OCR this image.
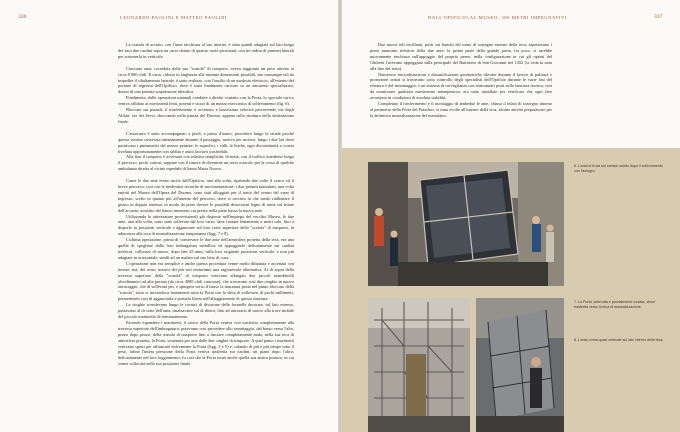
336	LEONARDO PAOLINI E MATTEO PAOLINI

La scatola di acciaio, con l'urna racchiusa al suo interno, è stata quindi adagiata sul lato lungo dei suoi due cardini sopra un carro dotato di quattro ruote pivottanti, con tre ordini di puntoni laterali per sostenerla in verticale.

Ciascuna urna, corredata della sua "scatola" di trasporto, aveva raggiunto un peso attorno ai circa 8 000 chili. Il carro, ridotto in larghezza alle minime dimensioni possibili, ma comunque tali da impedire il ribaltamento laterale, è stato realizzo, con l'ausilio di un modesto elettricio, all'esterno del portone di ingresso dell'Opificio, dove è stato finalmente caricato su un autotreno specializzato, dotato di una potente sospensione idraulica.

Finalmente, dalle operazioni manuali condotte a diretto contatto con la Porta, lo speciale carico veniva affidato ai movimenti lenti, potenti e sicuri di un mezzo meccanico di sollevamento (fig. 6).

Bloccato sui pianali, il trasferimento è avvenuto a bassissima velocità percorrendo via degli Alfani, via dei Servi, sboccando nella piazza del Duomo, appena sulla struttura della destinazione finale.

L'autocarro è stato accompagnato a piedi, a passo d'uomo, procedere lungo la strada perché questa venisse osservata attentamente durante il passaggio, motivo per motivo, lungo i due lati dove passavano i pneumatici del mezzo pesante: le superfici, i valli, le buche, ogni discontinuità o scarsa livellata opportunamente con sabbia e assiti lasciavi trasferibili.

Alla fine il trasporto è avvenuto con relativa semplicità, di notte, con il traffico interdetto lungo il percorso, pochi curiosi, seppure con il timore di divenirne un serio ostacolo per la corsa di qualche ambulanza diretta al vicino ospedale di Santa Maria Nuova.

Come le due ante erano uscite dall'Opificio, una alla volta, ripetendo due volte il carico ed il breve percorso, così con le medesime tecniche di movimentazione, i due pesanti manufatti, una volta entrati nel Museo dell'Opera del Duomo, sono stati alloggiati per il tratto del centro del vano di ingresso, scelto in quanto più all'interno del percorso, dove si cercava in che modo riallineare il giusto in doppio sistema, in modo da poter dovere le possibili distorsioni legno di rame sul fronte dell'arcuato; assistito dal fianco immenso cui presto nella parte bassa la nuova ante.

Utilizzando le attrezzature provvisionali già disposte nell'impiego del vecchio Museo, le due ante, una alla volta, sono state sollevate dal loro carro, fatte ruotare lentamente a metri sale, fino a disporle in posizioni verticale e agganciare sul loro corto superiore della "scatola" di trasporto, in adiacenza alla teca di musealizzazione temporanea (figg. 7 e 8).

L'ultima operazione, prima di conservare le due ante nell'atmosfera protetta della teca, era una quella di spogliare dalla loro imbragatura metallica ed appoggiarle delicatamente sui cardini inferiori, collocare di nuovo, dopo ben 25 anni, sulla loro originale posizione verticale, e non più adagiate in orizzontale, simili ad un malato sul suo letto di cura.

L'operazione non era semplice e anche questa procedura venne molto dibattuta e accettata con timore; ma, del resto, notarsi dei più seri tentavamo una ragionevole alternativa. Al di sopra della traversa superiore della "scatola" di trasporto venivano allungati due piccoli mandrinelli oleodinamici ad alta portata (da circa 4000 chili ciascuno), che trovavano così due cinghie in nuovo ancoraggio, che di sollevato per, e spingere verso il basso la muratura posta nel punto bloccato della "scatola", tutto si inscatolava lentamente tutta la Porta con la slitta di sollevarsi di pochi millimetri, permettendo così di agganciarla e portarla libera nell'alloggiamento di questa struttura.

Le cinghie scendevano lungo le cornici di divisione delle formelle decorate, sul lato esterno, passavano al di sotto dell'anta, rinalzavano sul di dietro, fino ad ancorarsi di nuovo alla trave mobile del piccolo martinetto di tensionamento.

Facendo espandere i martinetti, il carico della Porta veniva così trasferito completamente alla traversa superiore dell'imbragatura; potevamo così procedere allo smontaggio, dal basso verso l'alto, pezzo dopo pezzo, della scatola di trasporto fino a lasciare completamente nuda, nella sua teca di atmosfera protetta, la Porta, sostenuta per aria dalle due cinghie di trasporto. A quel punto i martinetti venivano spinti per affiancare dolcemente la Porta (figg. 3 e 5) e, calando di più e più tempo tutto il peso, infine l'intera pressione della Porta veniva trasferita sui cardini, un piano dopo l'altro, delicatamente nel loro loggiamento; fu così che la Porta tornò anche quella sua antica postura, in cui venne collocata nella sua posizione finale.

DALL'OPIFICIO AL MUSEO: 300 METRI IMPEGNATIVI	337

Due nuove teli oscillanti, posti sui fianchi del treno di sostegno esterno della teca, aspettavano i pezzi mancanti inferiori della due ante; la prima parte della grande porta, fra poco, si sarebbe nuovamente rinchiuso sull'appoggio del proprio perno, nella configurazione in cui gli operai del Ghiberti l'avevano appoggiata sulla principale del Battistero di San Giovanni nel 1452 (si veda la nota alla fine del testo).

Numerose microdistorsioni e dissanificazioni geometriche rilevate durante il lavoro di pulitura e protezione ormai si trovavano sotto controllo degli specialisti dell'Opificio durante le varie fasi del restauro e del rimontaggio, e un sistema di sorveglianza con termometri posti sulla struttura tecnica, così da monitorare qualsiasi movimento intempestivo, era stato installato per verificare che ogni fase avvenisse in condizioni di assoluta stabilità.

Completato il trasferimento e il montaggio di ambedue le ante, chiuso il telaio di sostegno intorno al perimetro della Porta del Paradiso, si sono evolte all'interno della teca, alcune attività preparatorie per la definitiva musealizzazione del manufatto.

6. L'anta si trova sul camion subito dopo il sollevamento con l'autogrù.
7. La Porta, sollevata e parzialmente ruotata, viene trasferita verso la teca di musealizzazione.
8. L'anta ormai quasi verticale sul lato interno della teca.
